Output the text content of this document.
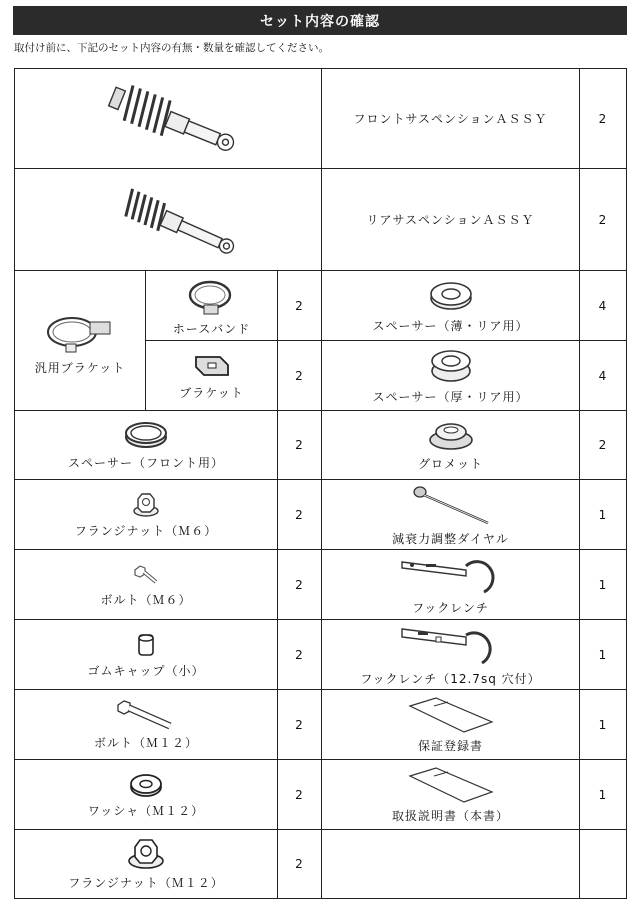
セット内容の確認
取付け前に、下記のセット内容の有無・数量を確認してください。
	フロントサスペンションＡＳＳＹ	2

	リアサスペンションＡＳＳＹ	2

汎用ブラケット	ホースバンド	2	スペーサー（薄・リア用）	4

	ブラケット	2	スペーサー（厚・リア用）	4

スペーサー（フロント用）		2	グロメット	2

フランジナット（Ｍ６）		2	減衰力調整ダイヤル	1

ボルト（Ｍ６）		2	フックレンチ	1

ゴムキャップ（小）		2	フックレンチ（12.7sq 穴付）	1

ボルト（Ｍ１２）		2	保証登録書	1

ワッシャ（Ｍ１２）		2	取扱説明書（本書）	1

フランジナット（Ｍ１２）		2		
